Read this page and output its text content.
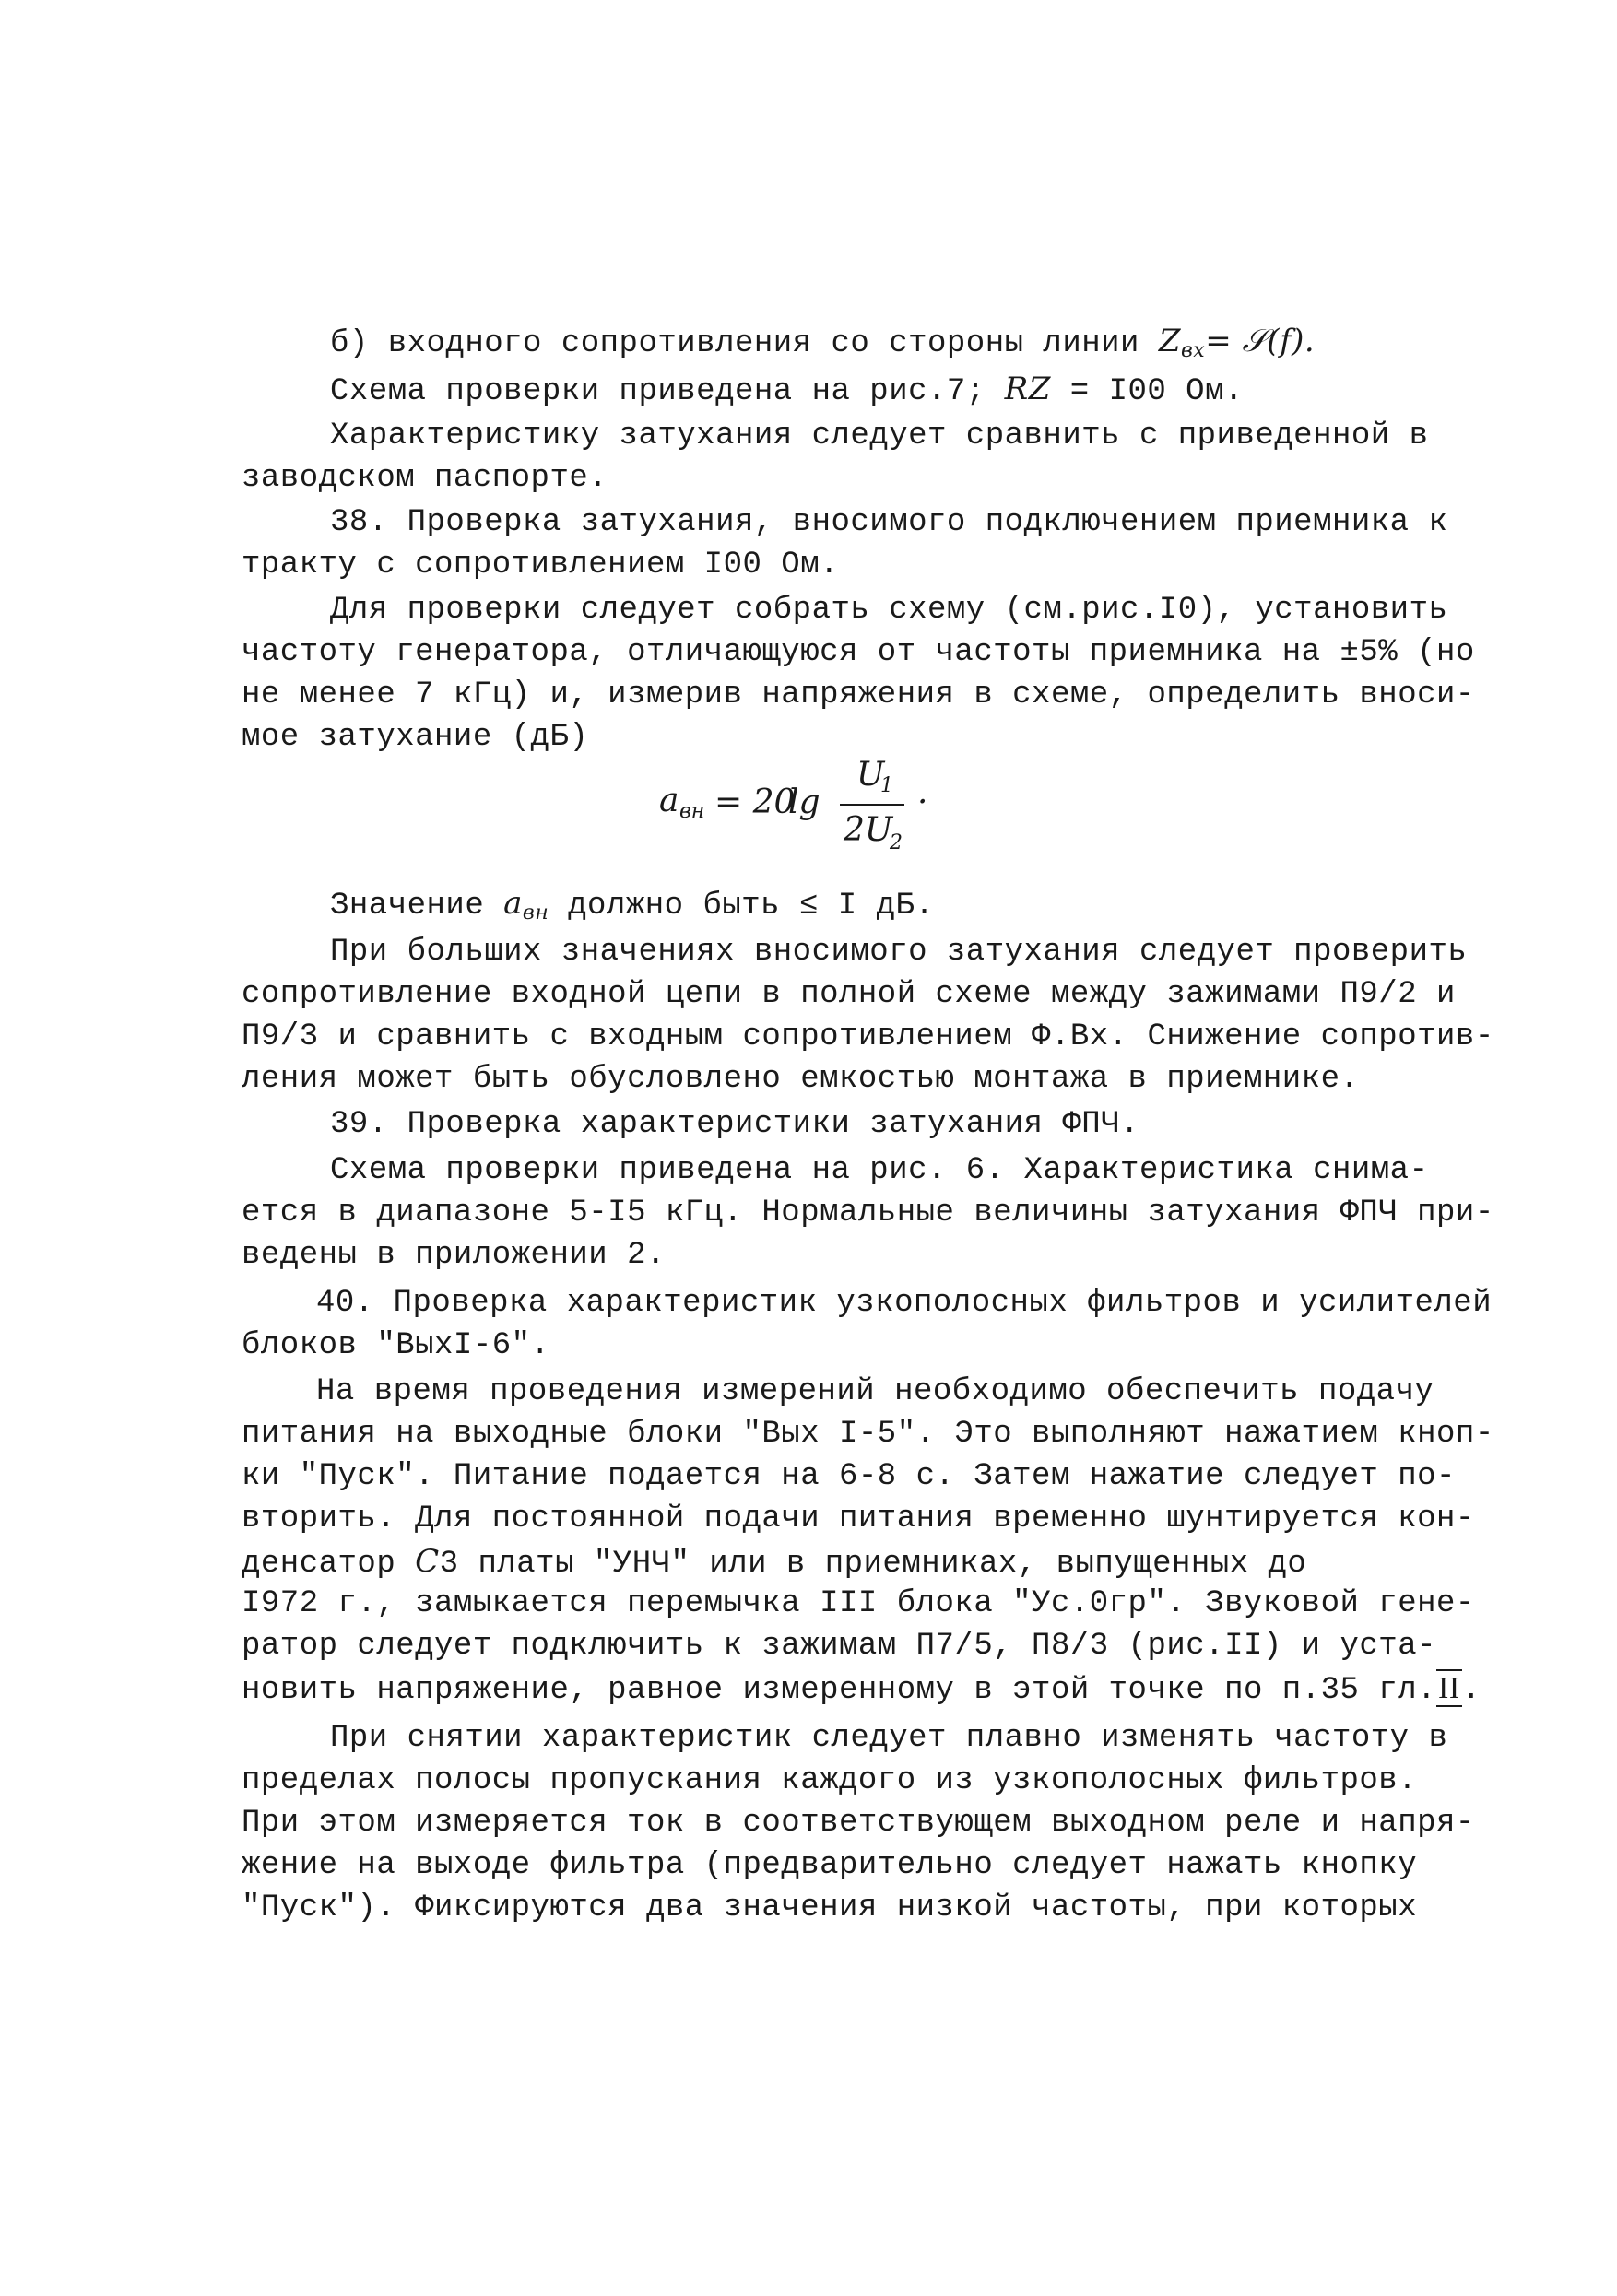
б) входного сопротивления со стороны линии $Z_{вх}=$ 𝒮(f).
Схема проверки приведена на рис.7; RZ = I00 Ом.
Характеристику затухания следует сравнить с приведенной в
заводском паспорте.
38. Проверка затухания, вносимого подключением приемника к
тракту с сопротивлением I00 Ом.
Для проверки следует собрать схему (см.рис.I0), установить
частоту генератора, отличающуюся от частоты приемника на ±5% (но
не менее 7 кГц) и, измерив напряжения в схеме, определить вноси-
мое затухание (дБ)
a вн = 20
lg
U
1
2U
2
·
Значение $a_{вн}$ должно быть ≤ I дБ.
При больших значениях вносимого затухания следует проверить
сопротивление входной цепи в полной схеме между зажимами П9/2 и
П9/3 и сравнить с входным сопротивлением Ф.Вх. Снижение сопротив-
ления может быть обусловлено емкостью монтажа в приемнике.
39. Проверка характеристики затухания ФПЧ.
Схема проверки приведена на рис. 6. Характеристика снима-
ется в диапазоне 5-I5 кГц. Нормальные величины затухания ФПЧ при-
ведены в приложении 2.
40. Проверка характеристик узкополосных фильтров и усилителей
блоков "ВыхI-6".
На время проведения измерений необходимо обеспечить подачу
питания на выходные блоки "Вых I-5". Это выполняют нажатием кноп-
ки "Пуск". Питание подается на 6-8 с. Затем нажатие следует по-
вторить. Для постоянной подачи питания временно шунтируется кон-
денсатор C3 платы "УНЧ" или в приемниках, выпущенных до
I972 г., замыкается перемычка III блока "Ус.0гр". Звуковой гене-
ратор следует подключить к зажимам П7/5, П8/3 (рис.II) и уста-
новить напряжение, равное измеренному в этой точке по п.35 гл.II.
При снятии характеристик следует плавно изменять частоту в
пределах полосы пропускания каждого из узкополосных фильтров.
При этом измеряется ток в соответствующем выходном реле и напря-
жение на выходе фильтра (предварительно следует нажать кнопку
"Пуск"). Фиксируются два значения низкой частоты, при которых
